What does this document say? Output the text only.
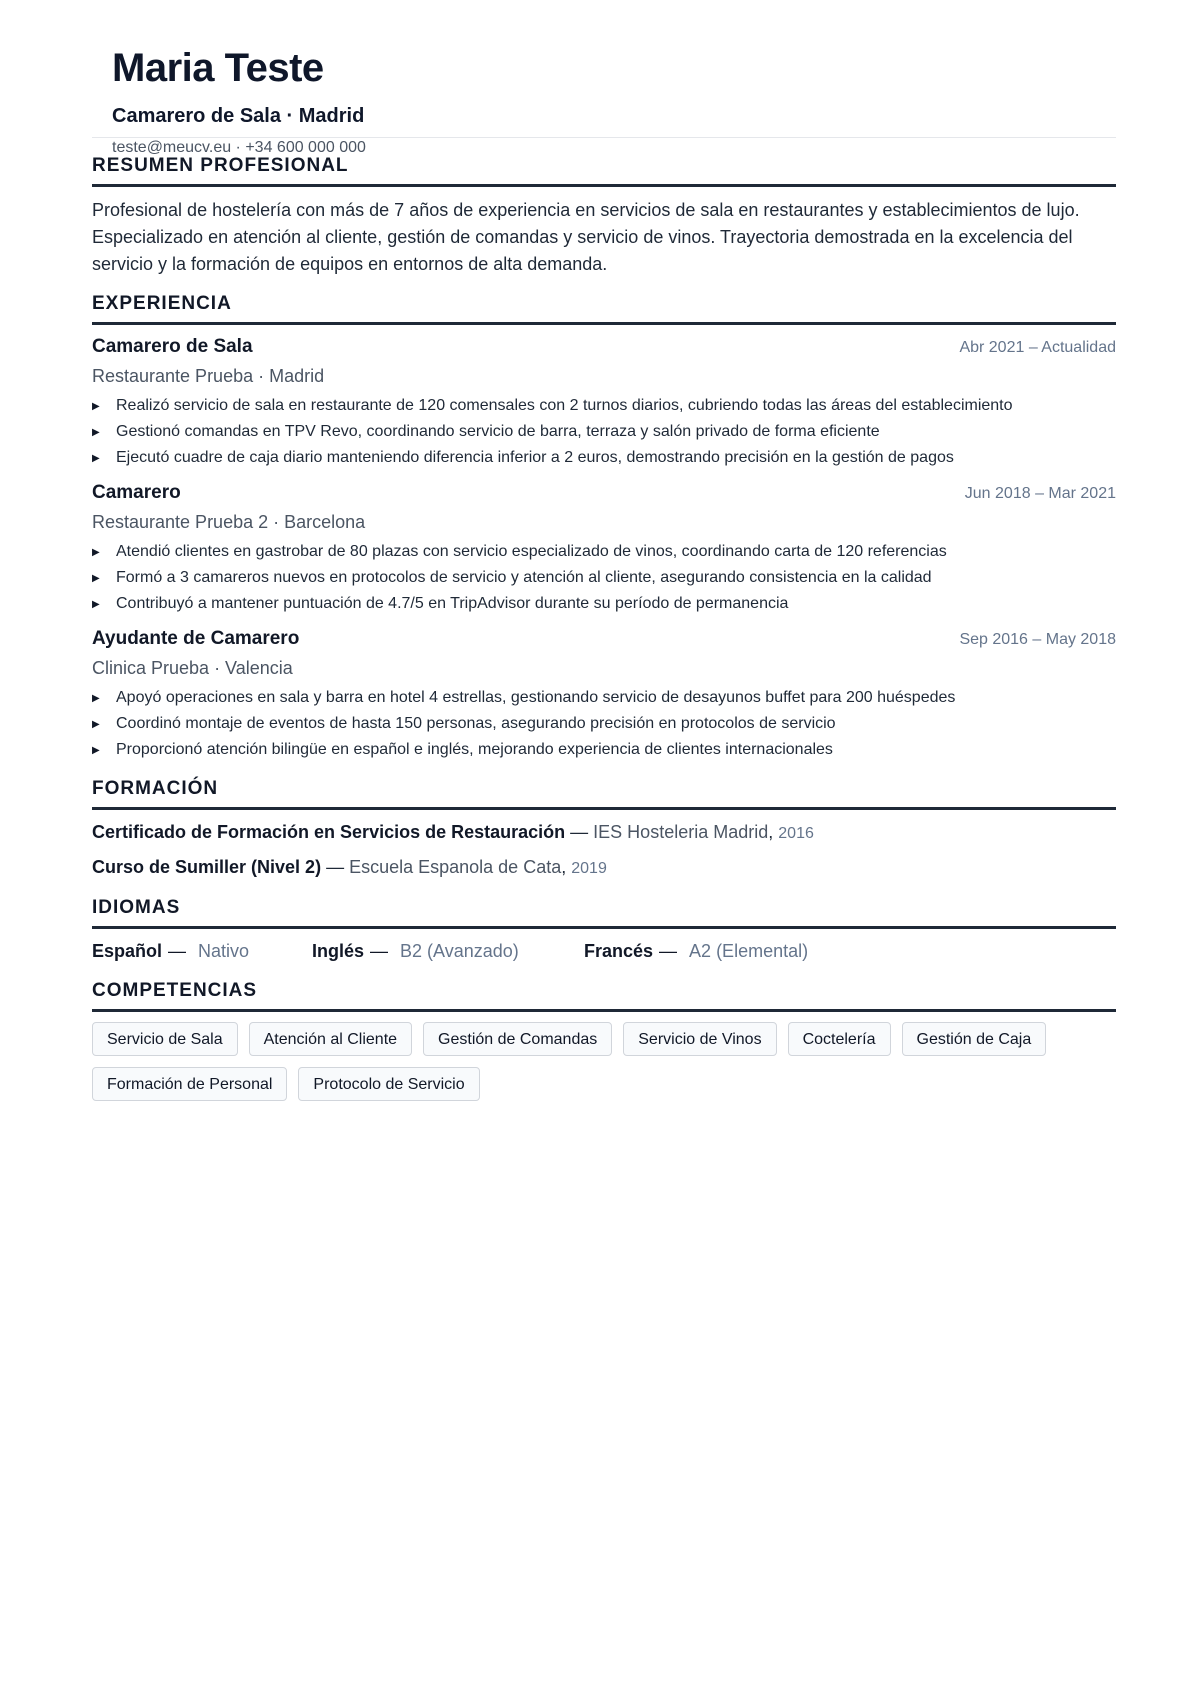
Maria Teste
Camarero de Sala · Madrid
teste@meucv.eu · +34 600 000 000
RESUMEN PROFESIONAL

Profesional de hostelería con más de 7 años de experiencia en servicios de sala en restaurantes y establecimientos de lujo. Especializado en atención al cliente, gestión de comandas y servicio de vinos. Trayectoria demostrada en la excelencia del servicio y la formación de equipos en entornos de alta demanda.

EXPERIENCIA
Camarero de Sala	Abr 2021 – Actualidad
Restaurante Prueba · Madrid
▶ Realizó servicio de sala en restaurante de 120 comensales con 2 turnos diarios, cubriendo todas las áreas del establecimiento
▶ Gestionó comandas en TPV Revo, coordinando servicio de barra, terraza y salón privado de forma eficiente
▶ Ejecutó cuadre de caja diario manteniendo diferencia inferior a 2 euros, demostrando precisión en la gestión de pagos
Camarero	Jun 2018 – Mar 2021
Restaurante Prueba 2 · Barcelona
▶ Atendió clientes en gastrobar de 80 plazas con servicio especializado de vinos, coordinando carta de 120 referencias
▶ Formó a 3 camareros nuevos en protocolos de servicio y atención al cliente, asegurando consistencia en la calidad
▶ Contribuyó a mantener puntuación de 4.7/5 en TripAdvisor durante su período de permanencia
Ayudante de Camarero	Sep 2016 – May 2018
Clinica Prueba · Valencia
▶ Apoyó operaciones en sala y barra en hotel 4 estrellas, gestionando servicio de desayunos buffet para 200 huéspedes
▶ Coordinó montaje de eventos de hasta 150 personas, asegurando precisión en protocolos de servicio
▶ Proporcionó atención bilingüe en español e inglés, mejorando experiencia de clientes internacionales
FORMACIÓN
Certificado de Formación en Servicios de Restauración — IES Hosteleria Madrid, 2016
Curso de Sumiller (Nivel 2) — Escuela Espanola de Cata, 2019
IDIOMAS
Español — Nativo	Inglés — B2 (Avanzado)	Francés — A2 (Elemental)
COMPETENCIAS
Servicio de Sala	Atención al Cliente	Gestión de Comandas	Servicio de Vinos	Coctelería	Gestión de Caja
Formación de Personal	Protocolo de Servicio
